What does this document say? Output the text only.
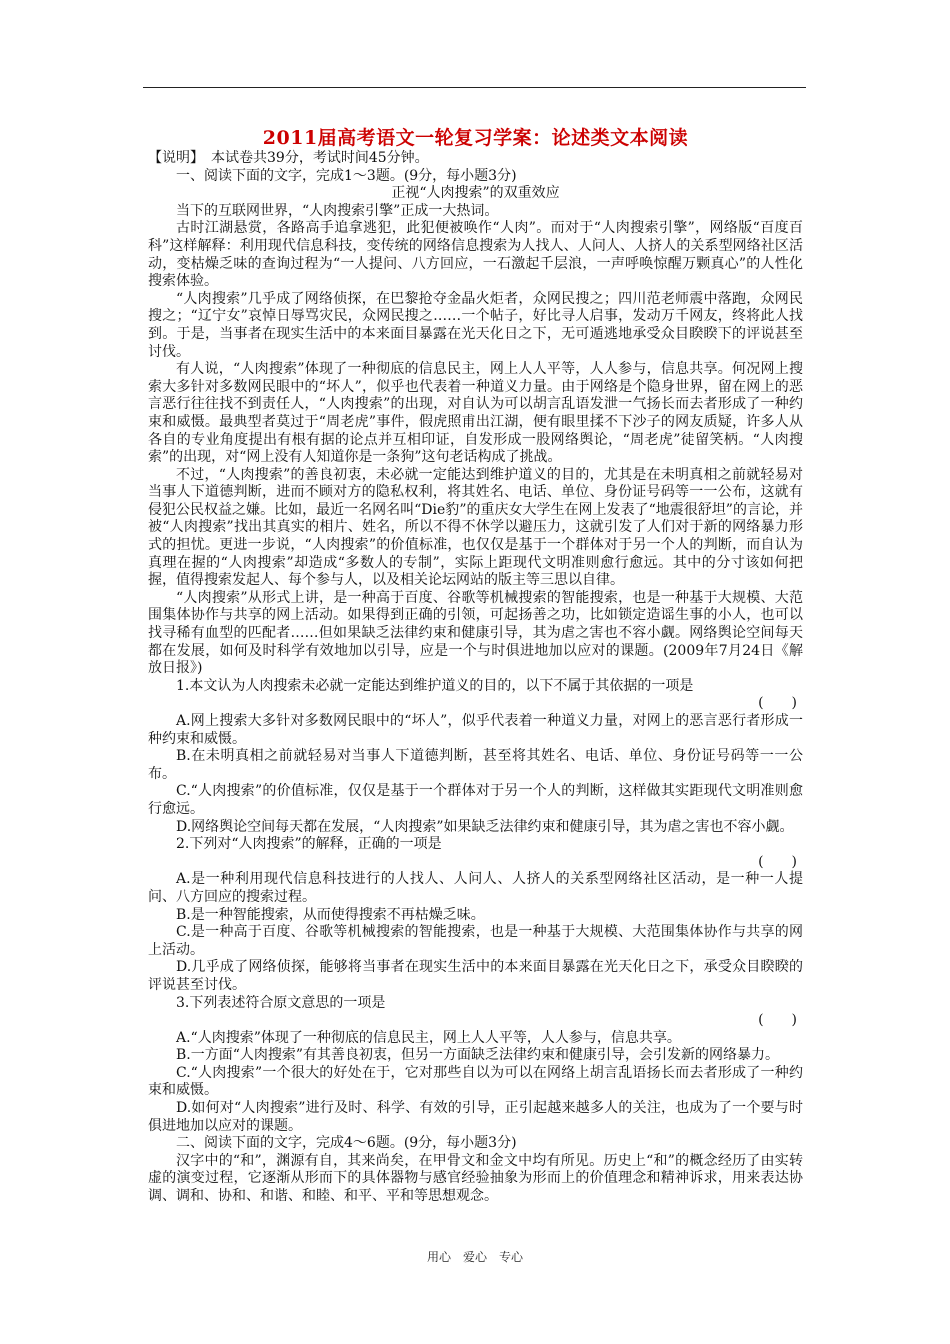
2011届高考语文一轮复习学案：论述类文本阅读

【说明】　本试卷共39分，考试时间45分钟。

一、阅读下面的文字，完成1～3题。(9分，每小题3分)

正视“人肉搜索”的双重效应

当下的互联网世界，“人肉搜索引擎”正成一大热词。

古时江湖悬赏，各路高手追拿逃犯，此犯便被唤作“人肉”。而对于“人肉搜索引擎”，网络版“百度百科”这样解释：利用现代信息科技，变传统的网络信息搜索为人找人、人问人、人挤人的关系型网络社区活动，变枯燥乏味的查询过程为“一人提问、八方回应，一石激起千层浪，一声呼唤惊醒万颗真心”的人性化搜索体验。

“人肉搜索”几乎成了网络侦探，在巴黎抢夺金晶火炬者，众网民搜之；四川范老师震中落跑，众网民搜之；“辽宁女”哀悼日辱骂灾民，众网民搜之……一个帖子，好比寻人启事，发动万千网友，终将此人找到。于是，当事者在现实生活中的本来面目暴露在光天化日之下，无可遁逃地承受众目睽睽下的评说甚至讨伐。

有人说，“人肉搜索”体现了一种彻底的信息民主，网上人人平等，人人参与，信息共享。何况网上搜索大多针对多数网民眼中的“坏人”，似乎也代表着一种道义力量。由于网络是个隐身世界，留在网上的恶言恶行往往找不到责任人，“人肉搜索”的出现，对自认为可以胡言乱语发泄一气扬长而去者形成了一种约束和威慑。最典型者莫过于“周老虎”事件，假虎照甫出江湖，便有眼里揉不下沙子的网友质疑，许多人从各自的专业角度提出有根有据的论点并互相印证，自发形成一股网络舆论，“周老虎”徒留笑柄。“人肉搜索”的出现，对“网上没有人知道你是一条狗”这句老话构成了挑战。

不过，“人肉搜索”的善良初衷，未必就一定能达到维护道义的目的，尤其是在未明真相之前就轻易对当事人下道德判断，进而不顾对方的隐私权利，将其姓名、电话、单位、身份证号码等一一公布，这就有侵犯公民权益之嫌。比如，最近一名网名叫“Die豹”的重庆女大学生在网上发表了“地震很舒坦”的言论，并被“人肉搜索”找出其真实的相片、姓名，所以不得不休学以避压力，这就引发了人们对于新的网络暴力形式的担忧。更进一步说，“人肉搜索”的价值标准，也仅仅是基于一个群体对于另一个人的判断，而自认为真理在握的“人肉搜索”却造成“多数人的专制”，实际上距现代文明准则愈行愈远。其中的分寸该如何把握，值得搜索发起人、每个参与人，以及相关论坛网站的版主等三思以自律。

“人肉搜索”从形式上讲，是一种高于百度、谷歌等机械搜索的智能搜索，也是一种基于大规模、大范围集体协作与共享的网上活动。如果得到正确的引领，可起扬善之功，比如锁定造谣生事的小人，也可以找寻稀有血型的匹配者……但如果缺乏法律约束和健康引导，其为虐之害也不容小觑。网络舆论空间每天都在发展，如何及时科学有效地加以引导，应是一个与时俱进地加以应对的课题。(2009年7月24日《解放日报》)

1.本文认为人肉搜索未必就一定能达到维护道义的目的，以下不属于其依据的一项是

(　　)

A.网上搜索大多针对多数网民眼中的“坏人”，似乎代表着一种道义力量，对网上的恶言恶行者形成一种约束和威慑。

B.在未明真相之前就轻易对当事人下道德判断，甚至将其姓名、电话、单位、身份证号码等一一公布。

C.“人肉搜索”的价值标准，仅仅是基于一个群体对于另一个人的判断，这样做其实距现代文明准则愈行愈远。

D.网络舆论空间每天都在发展，“人肉搜索”如果缺乏法律约束和健康引导，其为虐之害也不容小觑。

2.下列对“人肉搜索”的解释，正确的一项是

(　　)

A.是一种利用现代信息科技进行的人找人、人问人、人挤人的关系型网络社区活动，是一种一人提问、八方回应的搜索过程。

B.是一种智能搜索，从而使得搜索不再枯燥乏味。

C.是一种高于百度、谷歌等机械搜索的智能搜索，也是一种基于大规模、大范围集体协作与共享的网上活动。

D.几乎成了网络侦探，能够将当事者在现实生活中的本来面目暴露在光天化日之下，承受众目睽睽的评说甚至讨伐。

3.下列表述符合原文意思的一项是

(　　)

A.“人肉搜索”体现了一种彻底的信息民主，网上人人平等，人人参与，信息共享。

B.一方面“人肉搜索”有其善良初衷，但另一方面缺乏法律约束和健康引导，会引发新的网络暴力。

C.“人肉搜索”一个很大的好处在于，它对那些自以为可以在网络上胡言乱语扬长而去者形成了一种约束和威慑。

D.如何对“人肉搜索”进行及时、科学、有效的引导，正引起越来越多人的关注，也成为了一个要与时俱进地加以应对的课题。

二、阅读下面的文字，完成4～6题。(9分，每小题3分)

汉字中的“和”，渊源有自，其来尚矣，在甲骨文和金文中均有所见。历史上“和”的概念经历了由实转虚的演变过程，它逐渐从形而下的具体器物与感官经验抽象为形而上的价值理念和精神诉求，用来表达协调、调和、协和、和谐、和睦、和平、平和等思想观念。

用心　爱心　专心
